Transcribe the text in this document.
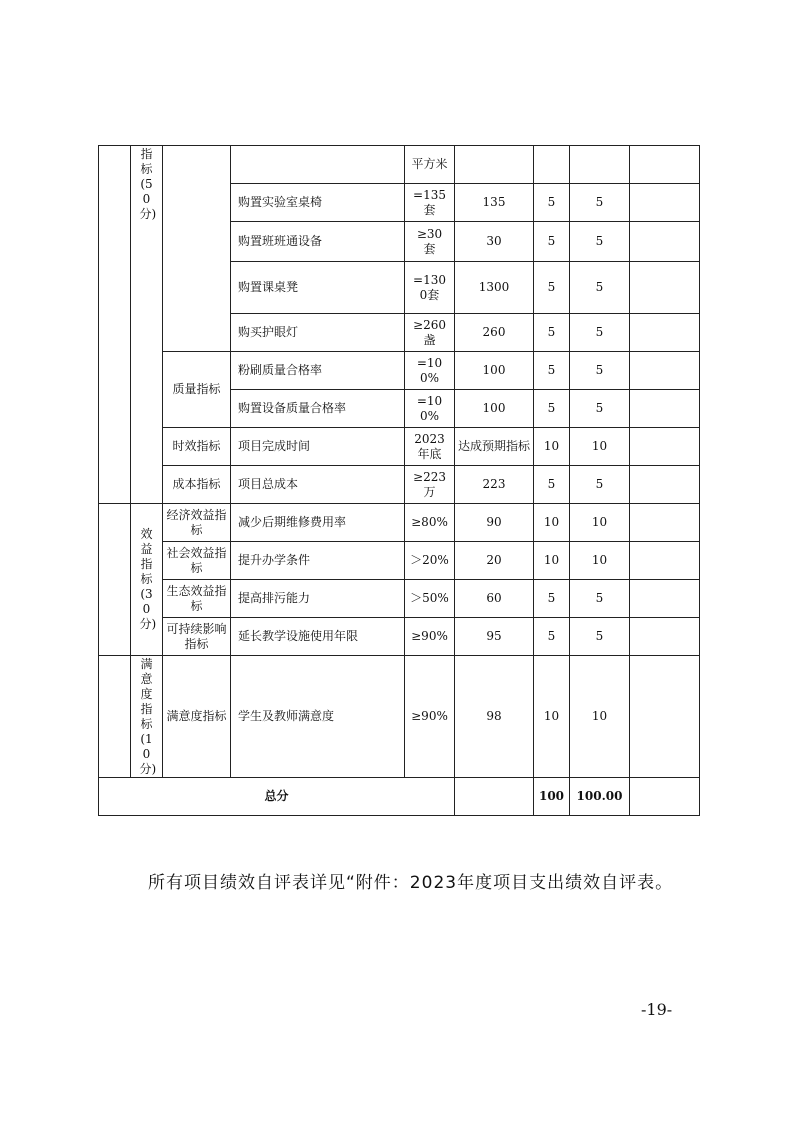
	指标(50分)			平方米				
			购置实验室桌椅	=135套	135	5	5	
			购置班班通设备	≥30套	30	5	5	
			购置课桌凳	=1300套	1300	5	5	
			购买护眼灯	≥260盏	260	5	5	
		质量指标	粉刷质量合格率	=100%	100	5	5	
			购置设备质量合格率	=100%	100	5	5	
		时效指标	项目完成时间	2023年底	达成预期指标	10	10	
		成本指标	项目总成本	≥223万	223	5	5	
	效益指标(30分)	经济效益指标	减少后期维修费用率	≥80%	90	10	10	
		社会效益指标	提升办学条件	＞20%	20	10	10	
		生态效益指标	提高排污能力	＞50%	60	5	5	
		可持续影响指标	延长教学设施使用年限	≥90%	95	5	5	
	满意度指标(10分)	满意度指标	学生及教师满意度	≥90%	98	10	10	
总分						100	100.00	

所有项目绩效自评表详见“附件：2023年度项目支出绩效自评表。

-19-
